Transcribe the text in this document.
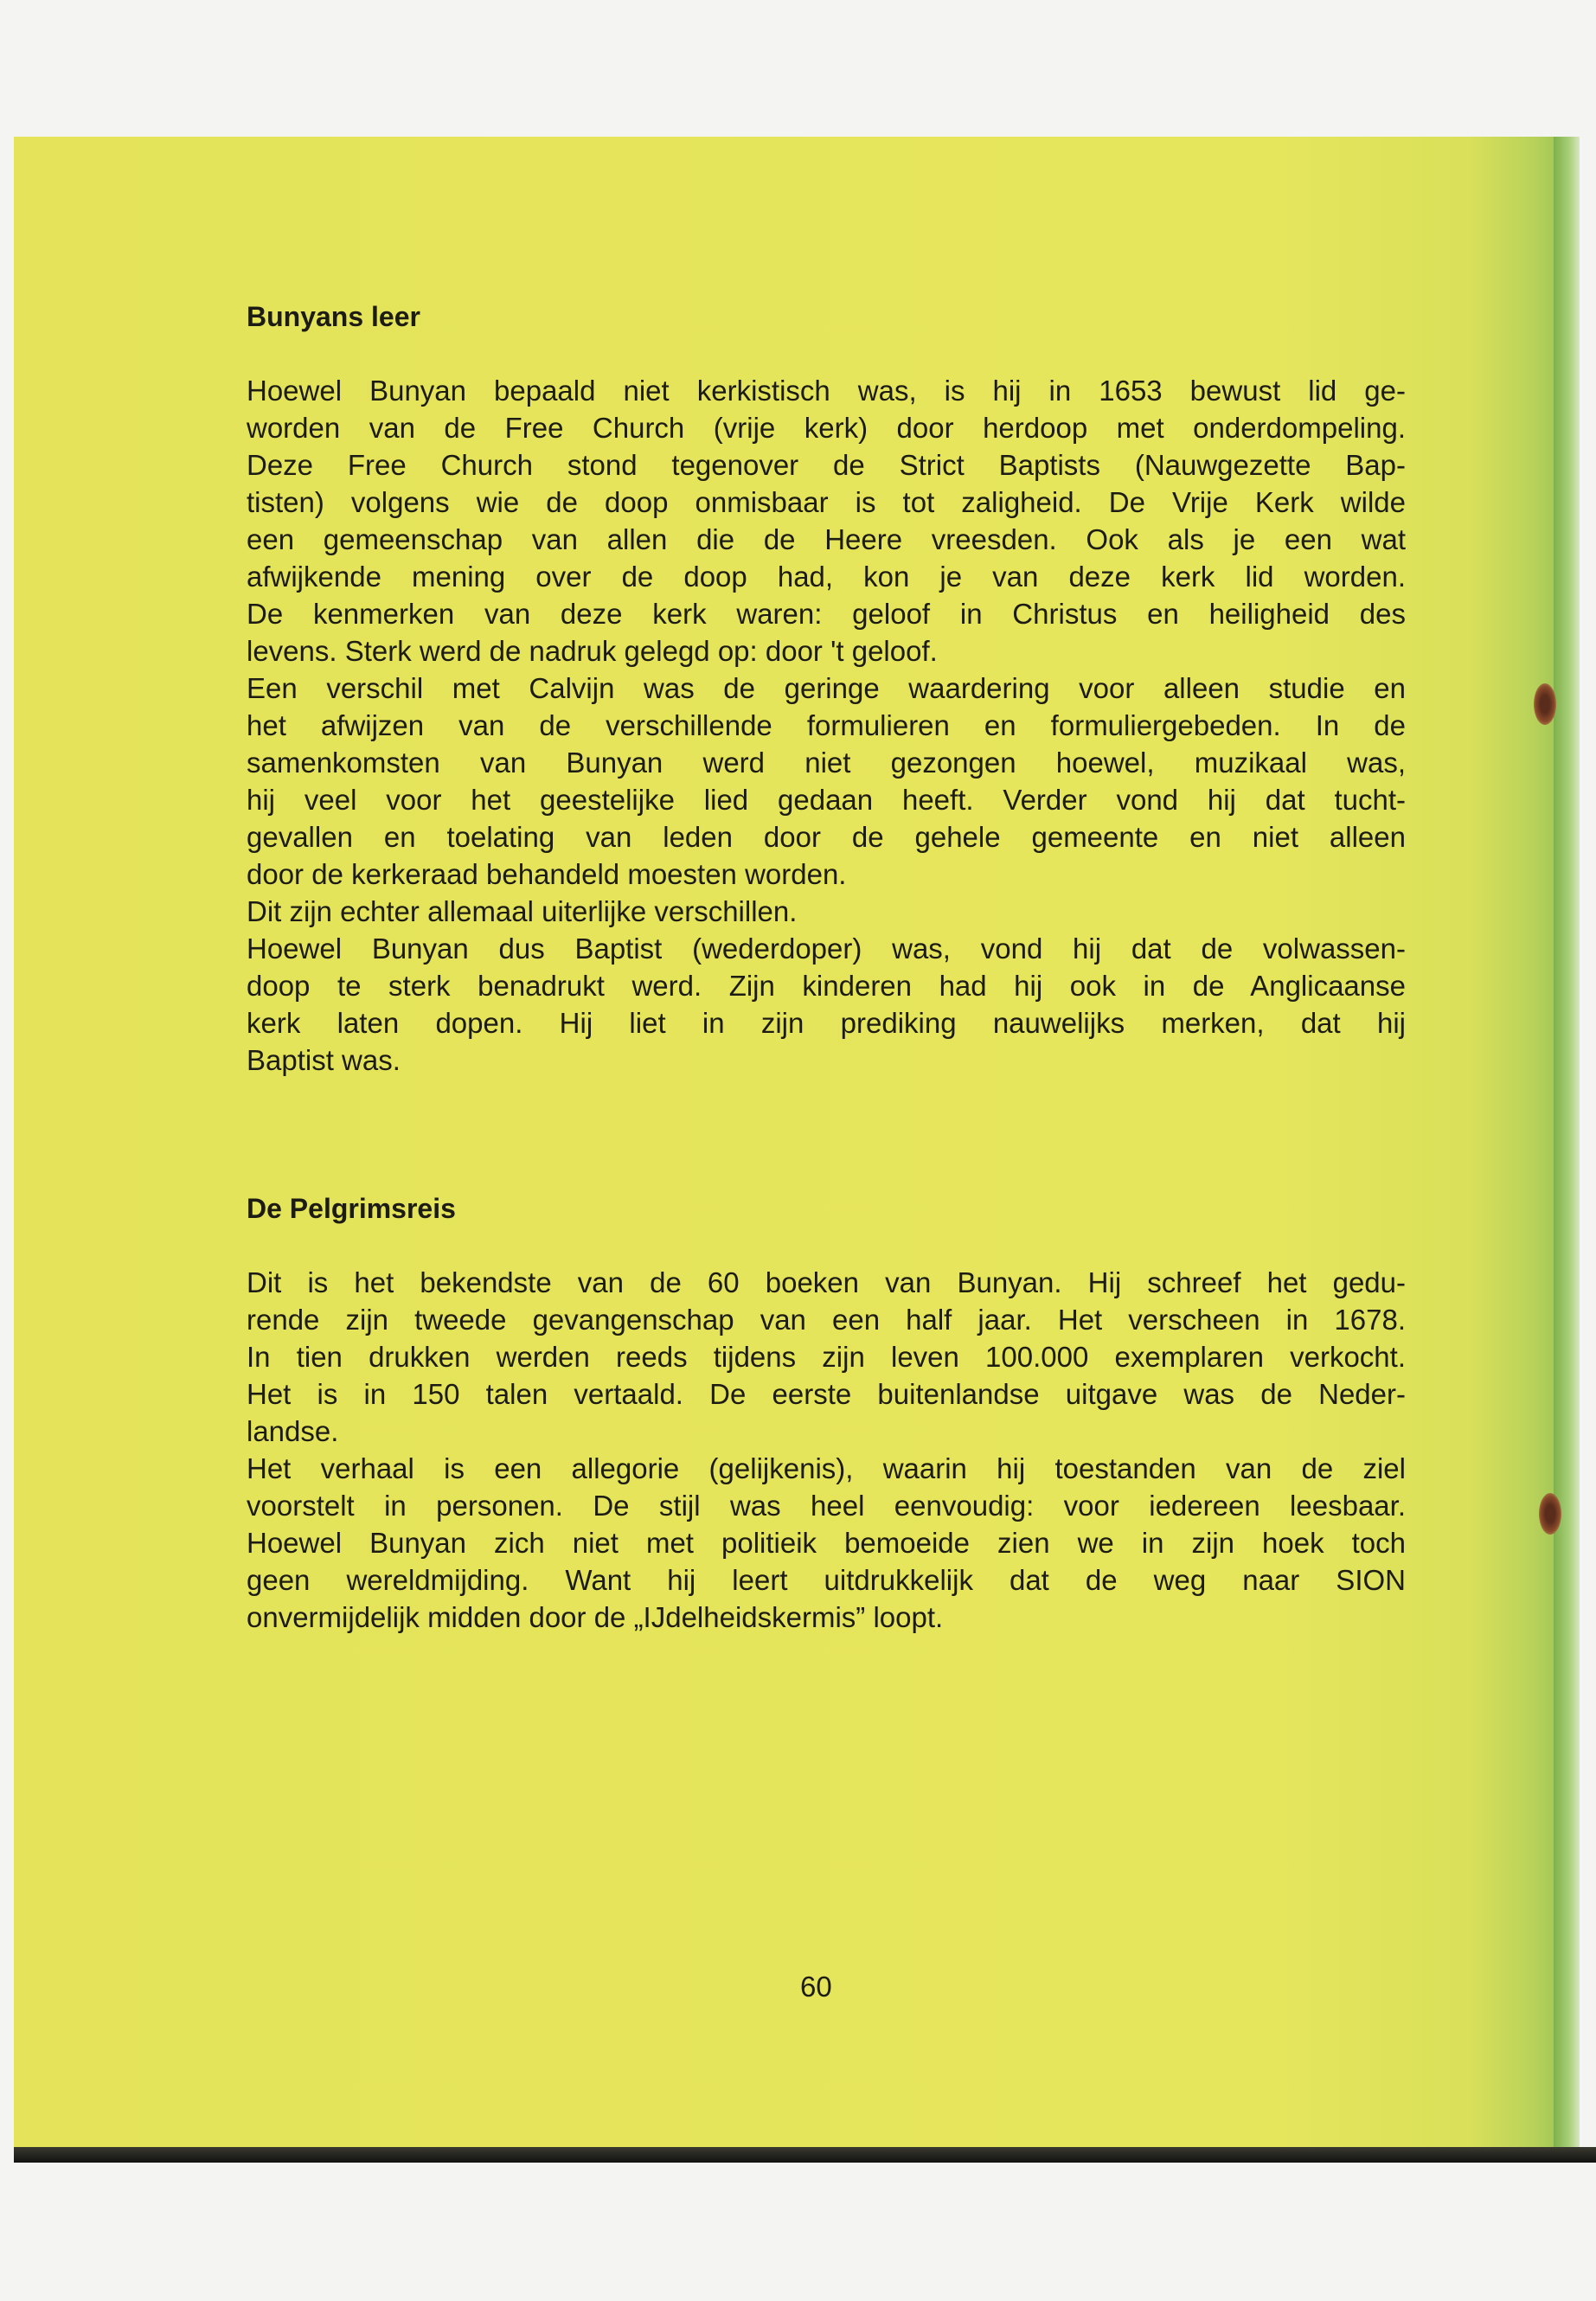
Bunyans leer
Hoewel Bunyan bepaald niet kerkistisch was, is hij in 1653 bewust lid ge-
worden van de Free Church (vrije kerk) door herdoop met onderdompeling.
Deze Free Church stond tegenover de Strict Baptists (Nauwgezette Bap-
tisten) volgens wie de doop onmisbaar is tot zaligheid. De Vrije Kerk wilde
een gemeenschap van allen die de Heere vreesden. Ook als je een wat
afwijkende mening over de doop had, kon je van deze kerk lid worden.
De kenmerken van deze kerk waren: geloof in Christus en heiligheid des
levens. Sterk werd de nadruk gelegd op: door 't geloof.
Een verschil met Calvijn was de geringe waardering voor alleen studie en
het afwijzen van de verschillende formulieren en formuliergebeden. In de
samenkomsten van Bunyan werd niet gezongen hoewel, muzikaal was,
hij veel voor het geestelijke lied gedaan heeft. Verder vond hij dat tucht-
gevallen en toelating van leden door de gehele gemeente en niet alleen
door de kerkeraad behandeld moesten worden.
Dit zijn echter allemaal uiterlijke verschillen.
Hoewel Bunyan dus Baptist (wederdoper) was, vond hij dat de volwassen-
doop te sterk benadrukt werd. Zijn kinderen had hij ook in de Anglicaanse
kerk laten dopen. Hij liet in zijn prediking nauwelijks merken, dat hij
Baptist was.
De Pelgrimsreis
Dit is het bekendste van de 60 boeken van Bunyan. Hij schreef het gedu-
rende zijn tweede gevangenschap van een half jaar. Het verscheen in 1678.
In tien drukken werden reeds tijdens zijn leven 100.000 exemplaren verkocht.
Het is in 150 talen vertaald. De eerste buitenlandse uitgave was de Neder-
landse.
Het verhaal is een allegorie (gelijkenis), waarin hij toestanden van de ziel
voorstelt in personen. De stijl was heel eenvoudig: voor iedereen leesbaar.
Hoewel Bunyan zich niet met politieik bemoeide zien we in zijn hoek toch
geen wereldmijding. Want hij leert uitdrukkelijk dat de weg naar SION
onvermijdelijk midden door de „IJdelheidskermis” loopt.
60
